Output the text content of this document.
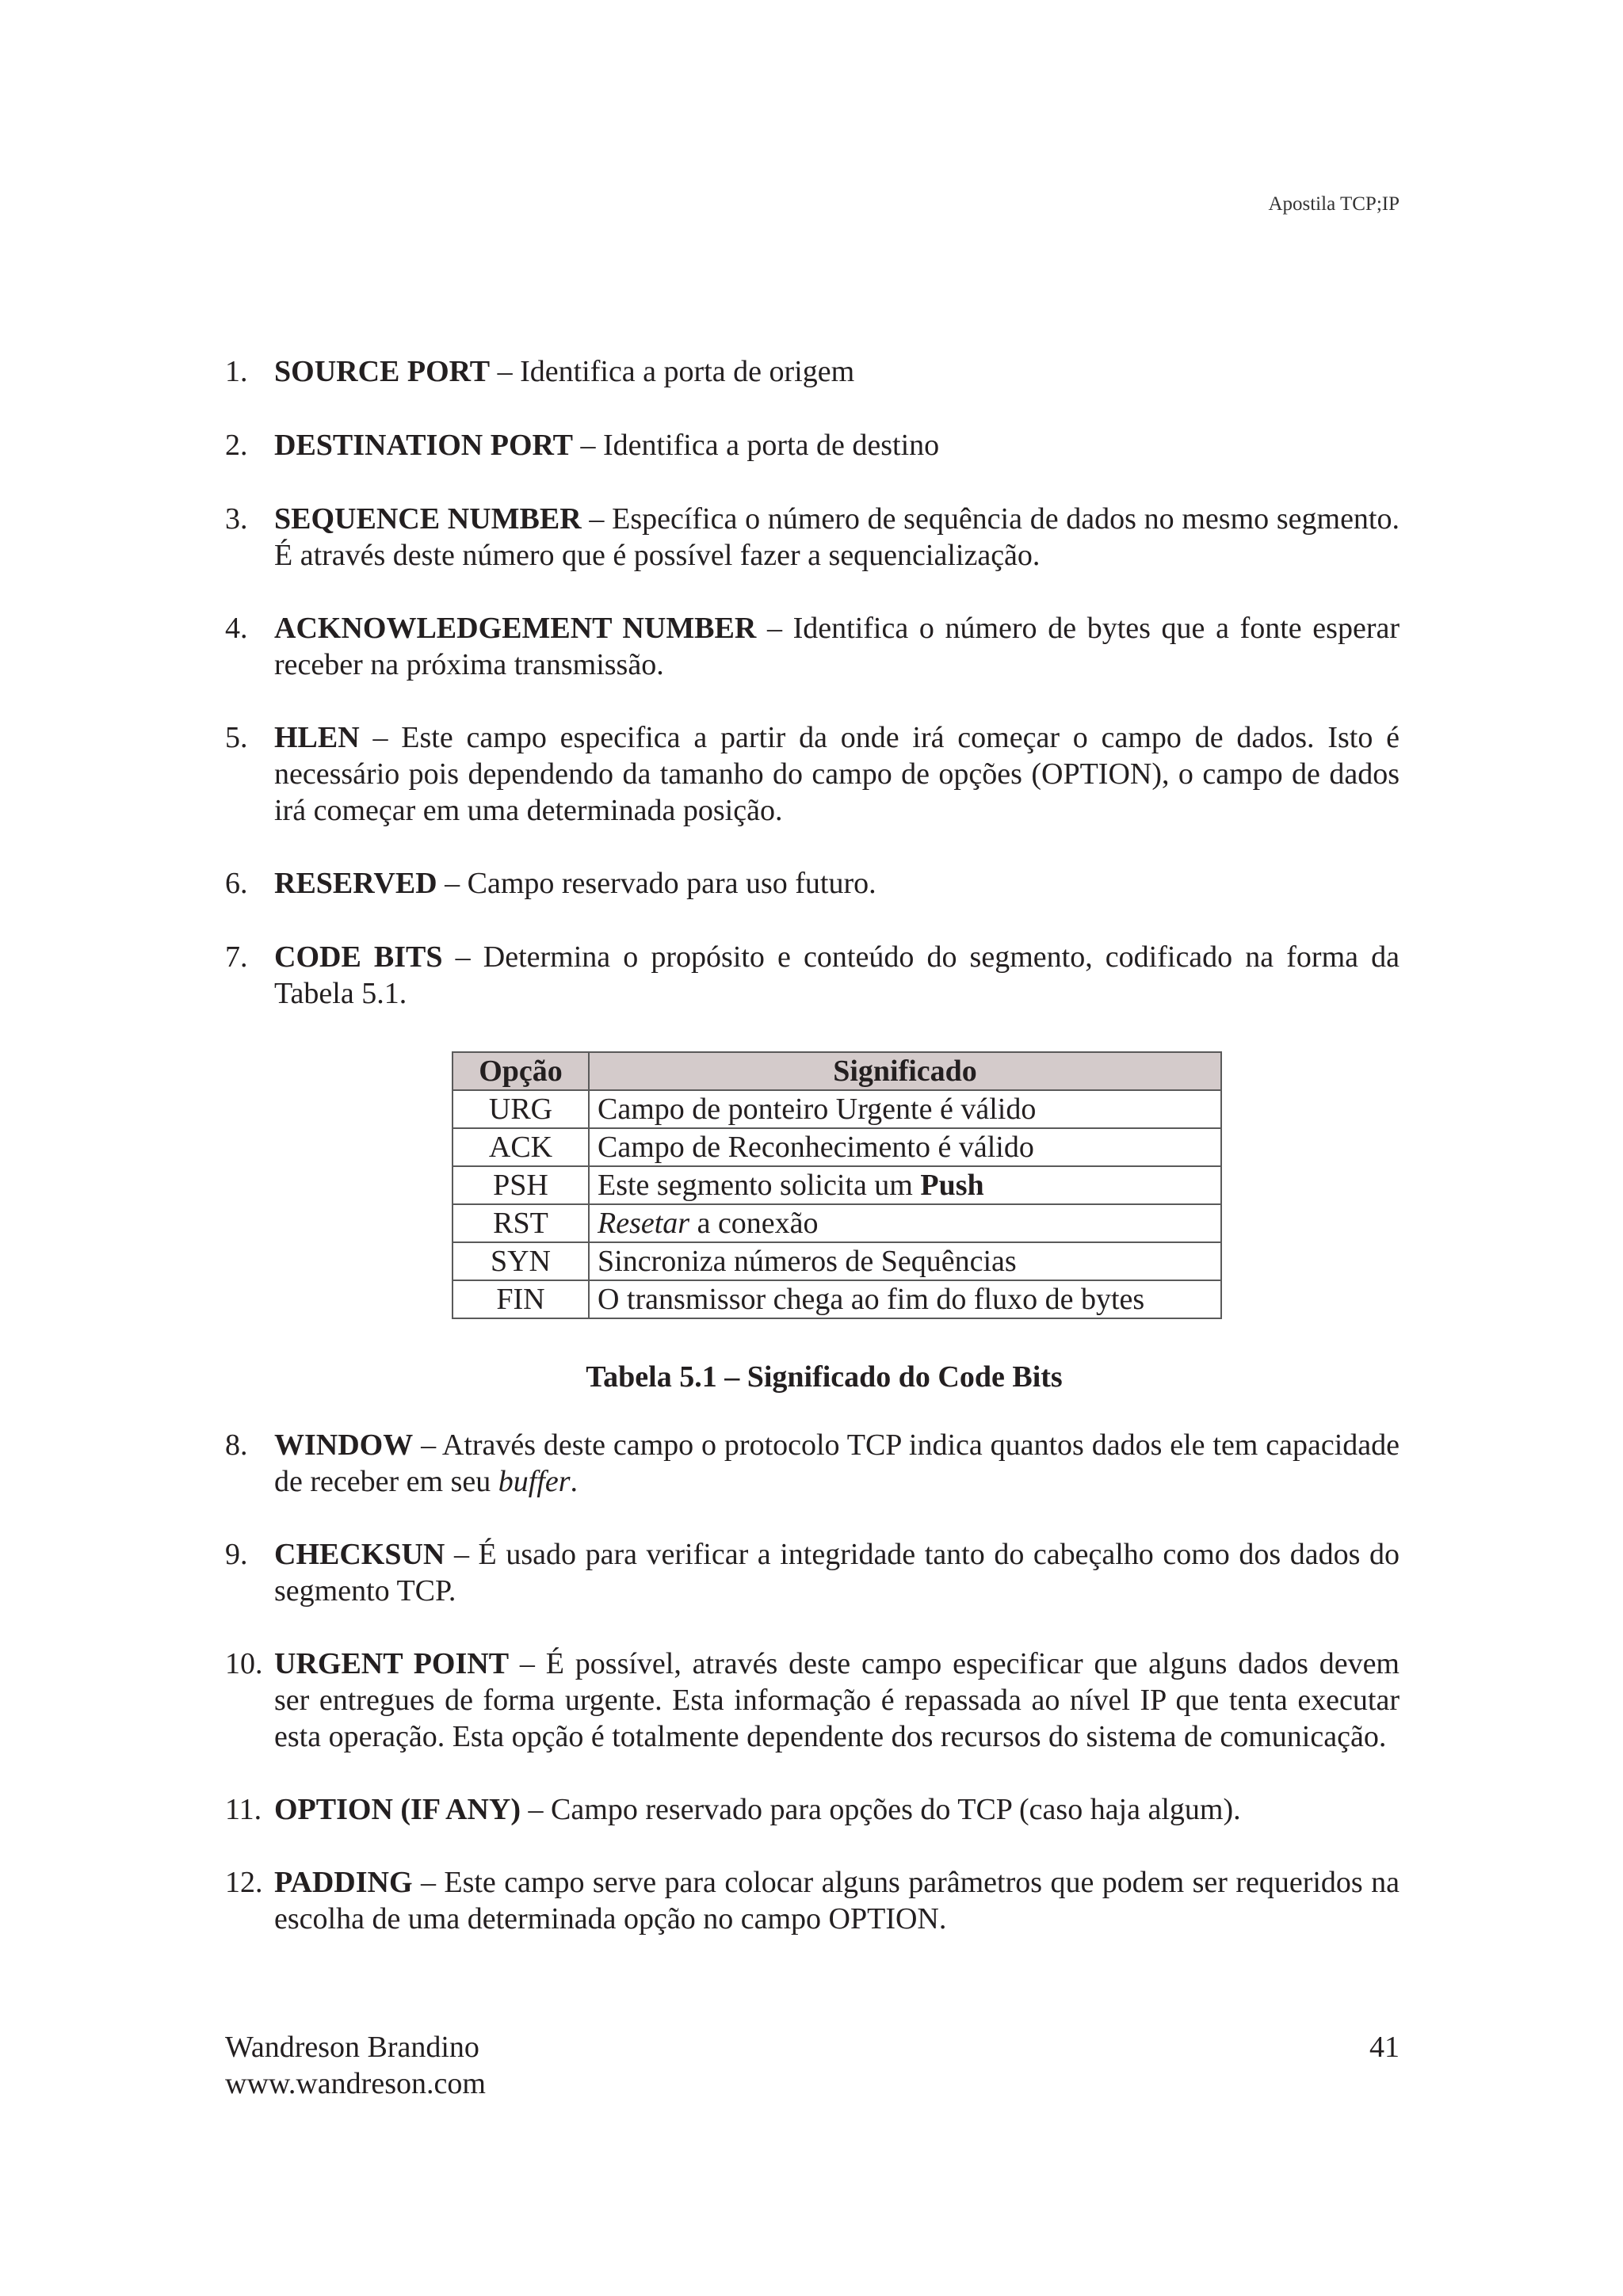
Apostila TCP;IP
1. SOURCE PORT – Identifica a porta de origem
2. DESTINATION PORT – Identifica a porta de destino
3. SEQUENCE NUMBER – Específica o número de sequência de dados no mesmo segmento. É através deste número que é possível fazer a sequencialização.
4. ACKNOWLEDGEMENT NUMBER – Identifica o número de bytes que a fonte esperar receber na próxima transmissão.
5. HLEN – Este campo especifica a partir da onde irá começar o campo de dados. Isto é necessário pois dependendo da tamanho do campo de opções (OPTION), o campo de dados irá começar em uma determinada posição.
6. RESERVED – Campo reservado para uso futuro.
7. CODE BITS – Determina o propósito e conteúdo do segmento, codificado na forma da Tabela 5.1.
Opção	Significado
URG	Campo de ponteiro Urgente é válido
ACK	Campo de Reconhecimento é válido
PSH	Este segmento solicita um Push
RST	Resetar a conexão
SYN	Sincroniza números de Sequências
FIN	O transmissor chega ao fim do fluxo de bytes
Tabela 5.1 – Significado do Code Bits
8. WINDOW – Através deste campo o protocolo TCP indica quantos dados ele tem capacidade de receber em seu buffer.
9. CHECKSUN – É usado para verificar a integridade tanto do cabeçalho como dos dados do segmento TCP.
10. URGENT POINT – É possível, através deste campo especificar que alguns dados devem ser entregues de forma urgente. Esta informação é repassada ao nível IP que tenta executar esta operação. Esta opção é totalmente dependente dos recursos do sistema de comunicação.
11. OPTION (IF ANY) – Campo reservado para opções do TCP (caso haja algum).
12. PADDING – Este campo serve para colocar alguns parâmetros que podem ser requeridos na escolha de uma determinada opção no campo OPTION.
Wandreson Brandino
www.wandreson.com
41
